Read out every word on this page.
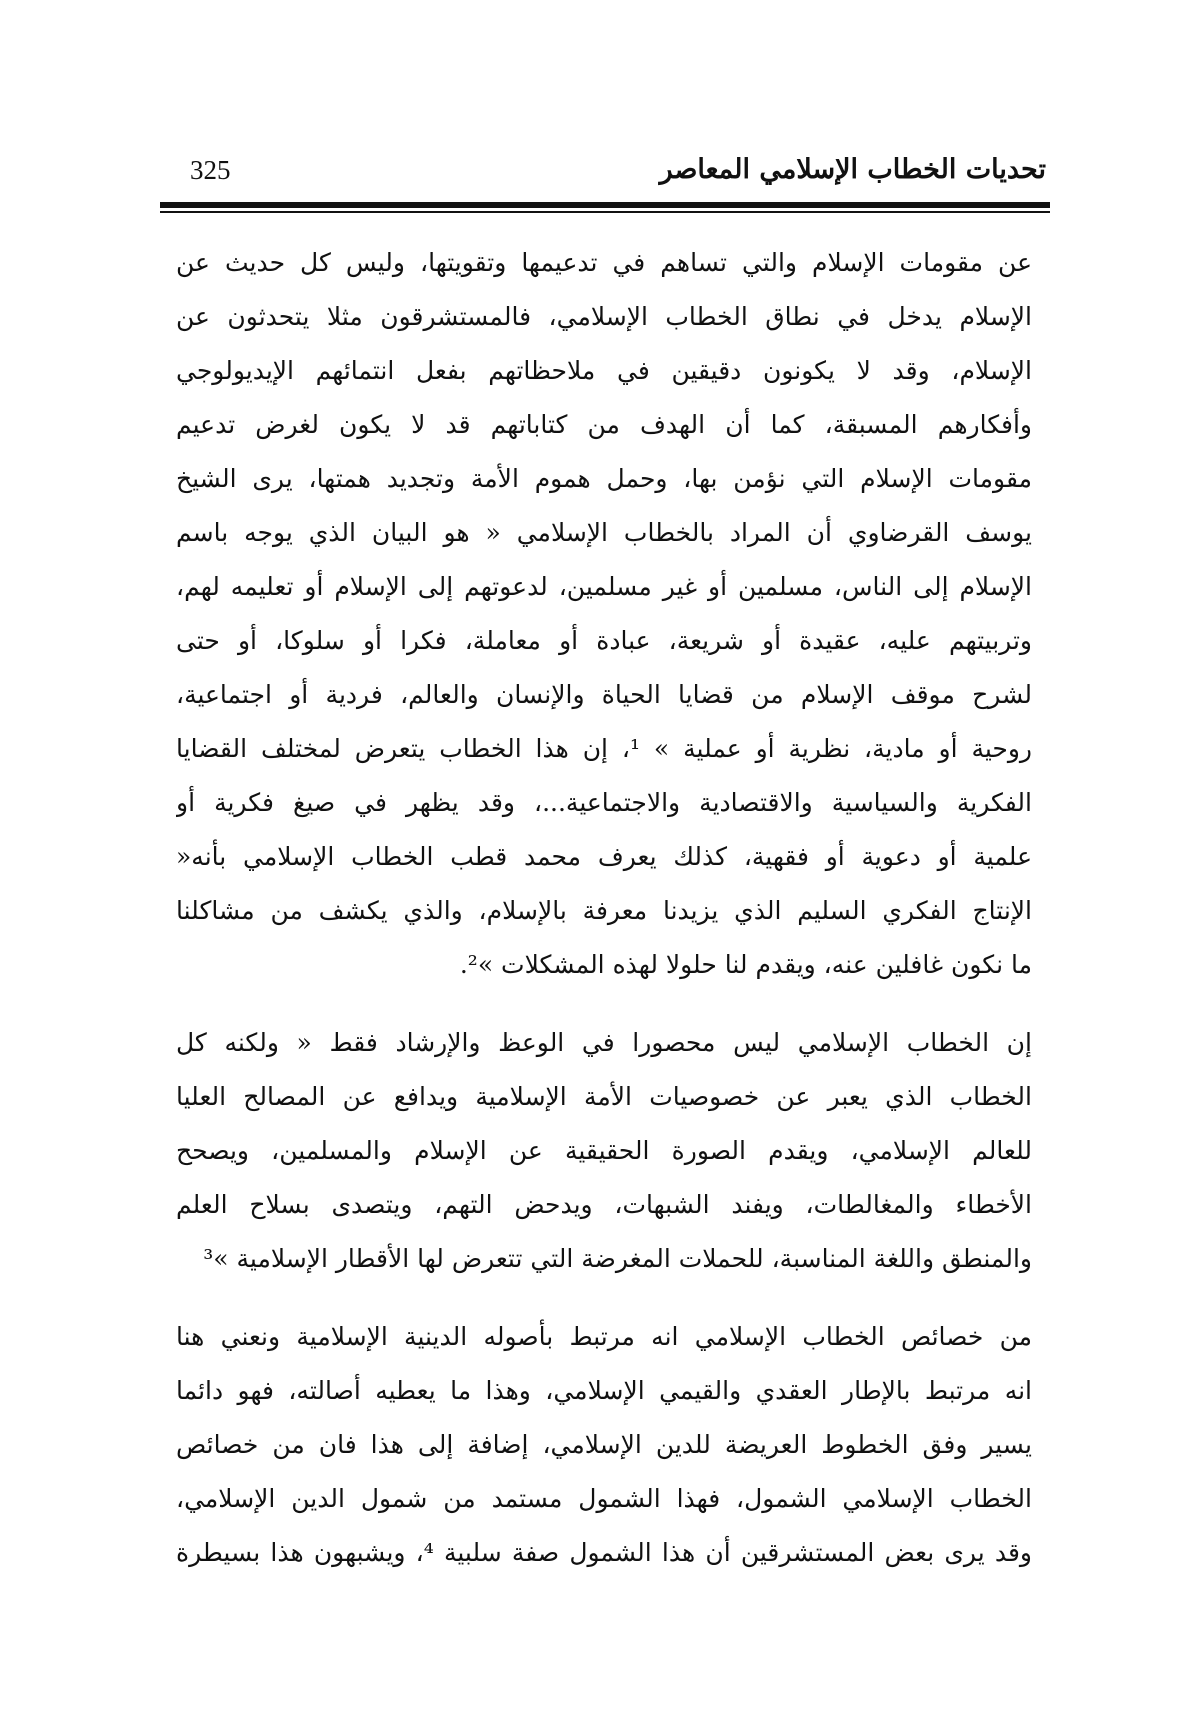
تحديات الخطاب الإسلامي المعاصر
325
عن مقومات الإسلام والتي تساهم في تدعيمها وتقويتها، وليس كل حديث عن
الإسلام يدخل في نطاق الخطاب الإسلامي، فالمستشرقون مثلا يتحدثون عن
الإسلام، وقد لا يكونون دقيقين في ملاحظاتهم بفعل انتمائهم الإيديولوجي
وأفكارهم المسبقة، كما أن الهدف من كتاباتهم قد لا يكون لغرض تدعيم
مقومات الإسلام التي نؤمن بها، وحمل هموم الأمة وتجديد همتها، يرى الشيخ
يوسف القرضاوي أن المراد بالخطاب الإسلامي « هو البيان الذي يوجه باسم
الإسلام إلى الناس، مسلمين أو غير مسلمين، لدعوتهم إلى الإسلام أو تعليمه لهم،
وتربيتهم عليه، عقيدة أو شريعة، عبادة أو معاملة، فكرا أو سلوكا، أو حتى
لشرح موقف الإسلام من قضايا الحياة والإنسان والعالم، فردية أو اجتماعية،
روحية أو مادية، نظرية أو عملية » ¹، إن هذا الخطاب يتعرض لمختلف القضايا
الفكرية والسياسية والاقتصادية والاجتماعية...، وقد يظهر في صيغ فكرية أو
علمية أو دعوية أو فقهية، كذلك يعرف محمد قطب الخطاب الإسلامي بأنه«
الإنتاج الفكري السليم الذي يزيدنا معرفة بالإسلام، والذي يكشف من مشاكلنا
ما نكون غافلين عنه، ويقدم لنا حلولا لهذه المشكلات »².
إن الخطاب الإسلامي ليس محصورا في الوعظ والإرشاد فقط « ولكنه كل
الخطاب الذي يعبر عن خصوصيات الأمة الإسلامية ويدافع عن المصالح العليا
للعالم الإسلامي، ويقدم الصورة الحقيقية عن الإسلام والمسلمين، ويصحح
الأخطاء والمغالطات، ويفند الشبهات، ويدحض التهم، ويتصدى بسلاح العلم
والمنطق واللغة المناسبة، للحملات المغرضة التي تتعرض لها الأقطار الإسلامية »³
من خصائص الخطاب الإسلامي انه مرتبط بأصوله الدينية الإسلامية ونعني هنا
انه مرتبط بالإطار العقدي والقيمي الإسلامي، وهذا ما يعطيه أصالته، فهو دائما
يسير وفق الخطوط العريضة للدين الإسلامي، إضافة إلى هذا فان من خصائص
الخطاب الإسلامي الشمول، فهذا الشمول مستمد من شمول الدين الإسلامي،
وقد يرى بعض المستشرقين أن هذا الشمول صفة سلبية ⁴، ويشبهون هذا بسيطرة
